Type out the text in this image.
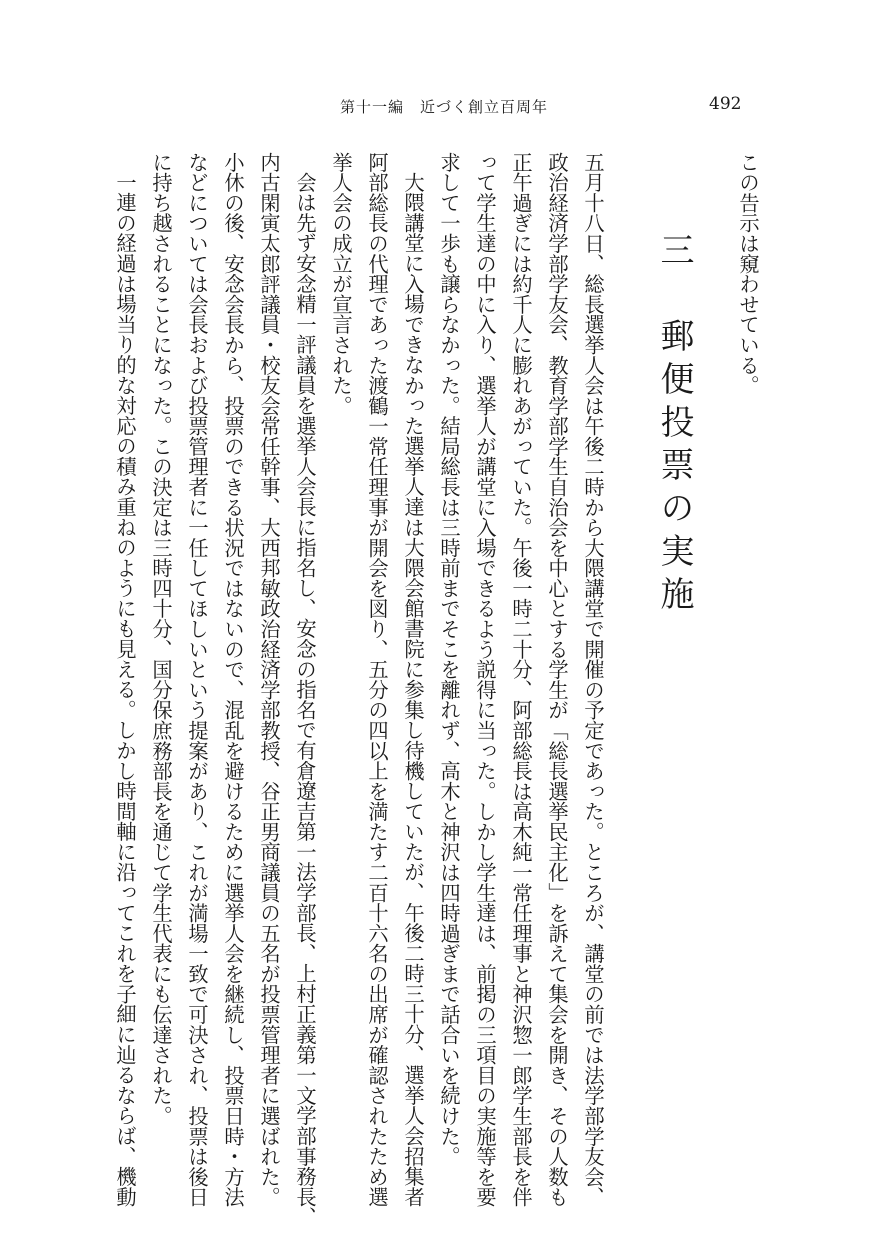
第十一編　近づく創立百周年	492
この告示は窺わせている。
三　郵便投票の実施
五月十八日、総長選挙人会は午後二時から大隈講堂で開催の予定であった。ところが、講堂の前では法学部学友会、
政治経済学部学友会、教育学部学生自治会を中心とする学生が「総長選挙民主化」を訴えて集会を開き、その人数も
正午過ぎには約千人に膨れあがっていた。午後一時二十分、阿部総長は高木純一常任理事と神沢惣一郎学生部長を伴
って学生達の中に入り、選挙人が講堂に入場できるよう説得に当った。しかし学生達は、前掲の三項目の実施等を要
求して一歩も譲らなかった。結局総長は三時前までそこを離れず、高木と神沢は四時過ぎまで話合いを続けた。
大隈講堂に入場できなかった選挙人達は大隈会館書院に参集し待機していたが、午後二時三十分、選挙人会招集者
阿部総長の代理であった渡鶴一常任理事が開会を図り、五分の四以上を満たす二百十六名の出席が確認されたため選
挙人会の成立が宣言された。
会は先ず安念精一評議員を選挙人会長に指名し、安念の指名で有倉遼吉第一法学部長、上村正義第一文学部事務長、
内古閑寅太郎評議員・校友会常任幹事、大西邦敏政治経済学部教授、谷正男商議員の五名が投票管理者に選ばれた。
小休の後、安念会長から、投票のできる状況ではないので、混乱を避けるために選挙人会を継続し、投票日時・方法
などについては会長および投票管理者に一任してほしいという提案があり、これが満場一致で可決され、投票は後日
に持ち越されることになった。この決定は三時四十分、国分保庶務部長を通じて学生代表にも伝達された。
一連の経過は場当り的な対応の積み重ねのようにも見える。しかし時間軸に沿ってこれを子細に辿るならば、機動
